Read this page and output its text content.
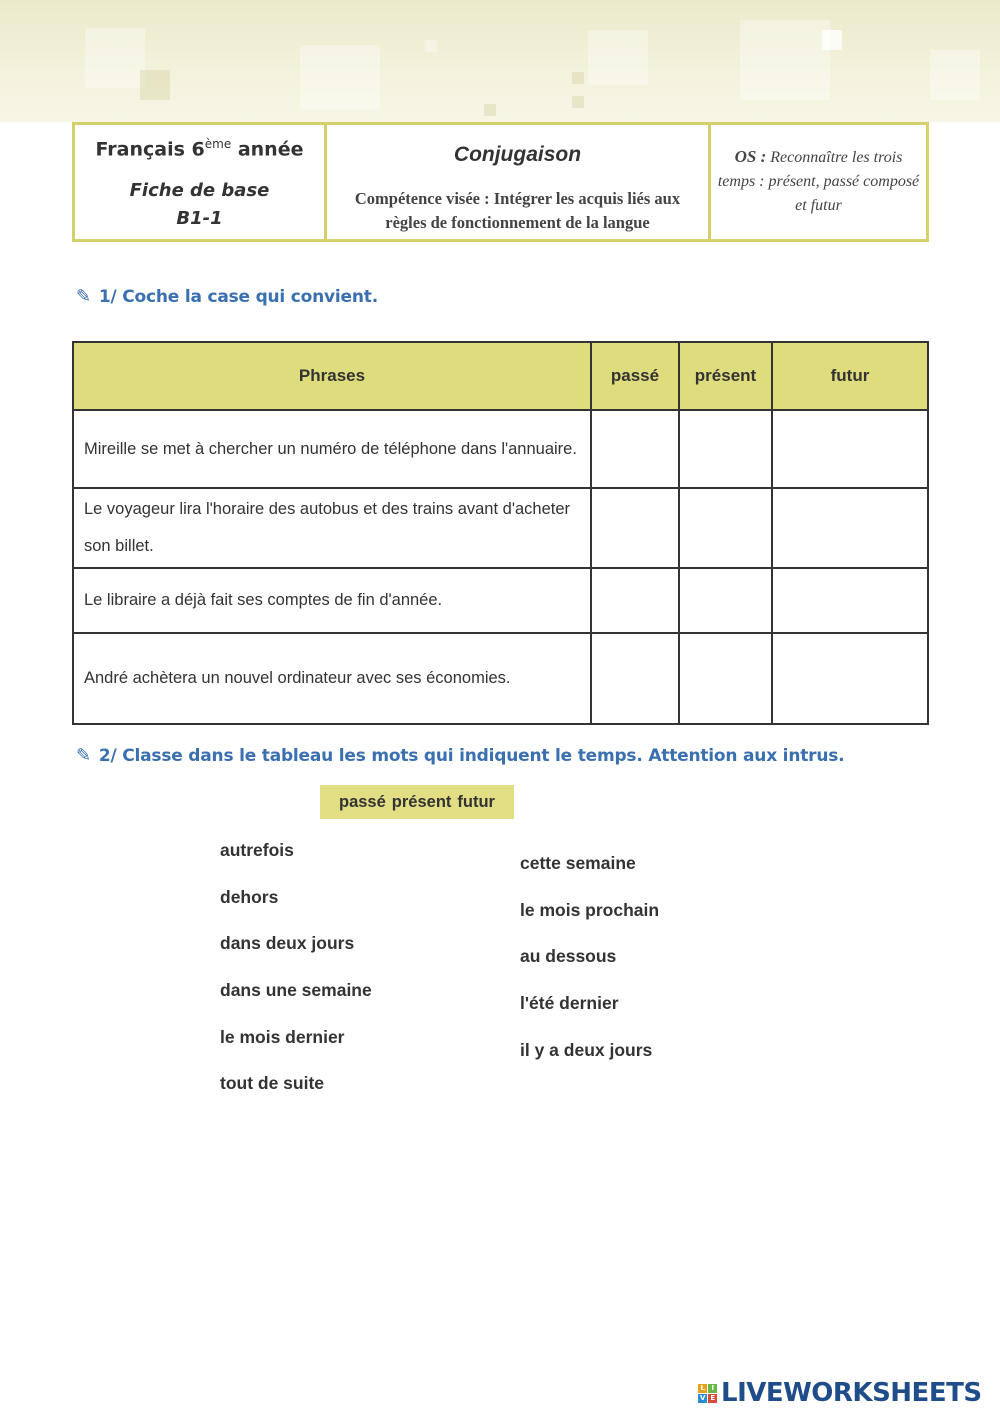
Français 6ème année
Fiche de base
B1-1
Conjugaison
Compétence visée : Intégrer les acquis liés aux règles de fonctionnement de la langue
OS : Reconnaître les trois temps : présent, passé composé et futur
✎ 1/ Coche la case qui convient.
Phrases	passé	présent	futur
Mireille se met à chercher un numéro de téléphone dans l'annuaire.			
Le voyageur lira l'horaire des autobus et des trains avant d'acheter son billet.			
Le libraire a déjà fait ses comptes de fin d'année.			
André achètera un nouvel ordinateur avec ses économies.			
✎ 2/ Classe dans le tableau les mots qui indiquent le temps. Attention aux intrus.
passé présent futur
autrefois
dehors
dans deux jours
dans une semaine
le mois dernier
tout de suite
cette semaine
le mois prochain
au dessous
l'été dernier
il y a deux jours
L I
V E LIVEWORKSHEETS
